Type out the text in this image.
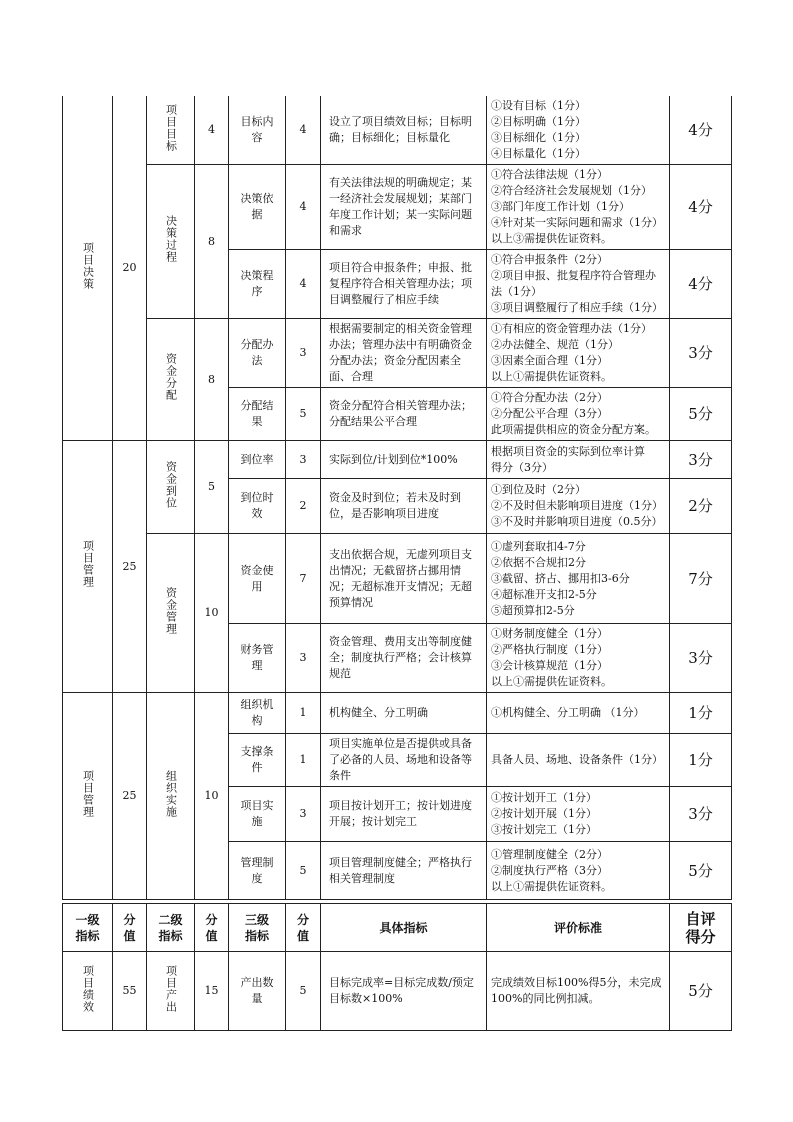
项目决策	20	项目目标	4	目标内容	4	设立了项目绩效目标；目标明确；目标细化；目标量化	①设有目标（1分）
②目标明确（1分）
③目标细化（1分）
④目标量化（1分）	4分
		决策过程	8	决策依据	4	有关法律法规的明确规定；某一经济社会发展规划；某部门年度工作计划；某一实际问题和需求	①符合法律法规（1分）
②符合经济社会发展规划（1分）
③部门年度工作计划（1分）
④针对某一实际问题和需求（1分）
以上③需提供佐证资料。	4分

				决策程序	4	项目符合申报条件；申报、批复程序符合相关管理办法；项目调整履行了相应手续	①符合申报条件（2分）
②项目申报、批复程序符合管理办法（1分）
③项目调整履行了相应手续（1分）	4分
		资金分配	8	分配办法	3	根据需要制定的相关资金管理办法；管理办法中有明确资金分配办法；资金分配因素全面、合理	①有相应的资金管理办法（1分）
②办法健全、规范（1分）
③因素全面合理（1分）
以上①需提供佐证资料。	3分

				分配结果	5	资金分配符合相关管理办法；分配结果公平合理	①符合分配办法（2分）
②分配公平合理（3分）
此项需提供相应的资金分配方案。	5分
项目管理	25	资金到位	5	到位率	3	实际到位/计划到位*100%	根据项目资金的实际到位率计算
得分（3分）	3分

				到位时效	2	资金及时到位；若未及时到位，是否影响项目进度	①到位及时（2分）
②不及时但未影响项目进度（1分）
③不及时并影响项目进度（0.5分）	2分
		资金管理	10	资金使用	7	支出依据合规，无虚列项目支出情况；无截留挤占挪用情况；无超标准开支情况；无超预算情况	①虚列套取扣4-7分
②依据不合规扣2分
③截留、挤占、挪用扣3-6分
④超标准开支扣2-5分
⑤超预算扣2-5分	7分

				财务管理	3	资金管理、费用支出等制度健全；制度执行严格；会计核算规范	①财务制度健全（1分）
②严格执行制度（1分）
③会计核算规范（1分）
以上①需提供佐证资料。	3分
项目管理	25	组织实施	10	组织机构	1	机构健全、分工明确	①机构健全、分工明确 （1分）	1分

				支撑条件	1	项目实施单位是否提供或具备了必备的人员、场地和设备等条件	具备人员、场地、设备条件（1分）	1分

				项目实施	3	项目按计划开工；按计划进度开展；按计划完工	①按计划开工（1分）
②按计划开展（1分）
③按计划完工（1分）	3分

				管理制度	5	项目管理制度健全；严格执行相关管理制度	①管理制度健全（2分）
②制度执行严格（3分）
以上①需提供佐证资料。	5分
一级指标	分值	二级指标	分值	三级指标	分值	具体指标	评价标准	自评得分

项目绩效	55	项目产出	15	产出数量	5	目标完成率=目标完成数/预定目标数×100%	完成绩效目标100%得5分，未完成100%的同比例扣减。	5分
